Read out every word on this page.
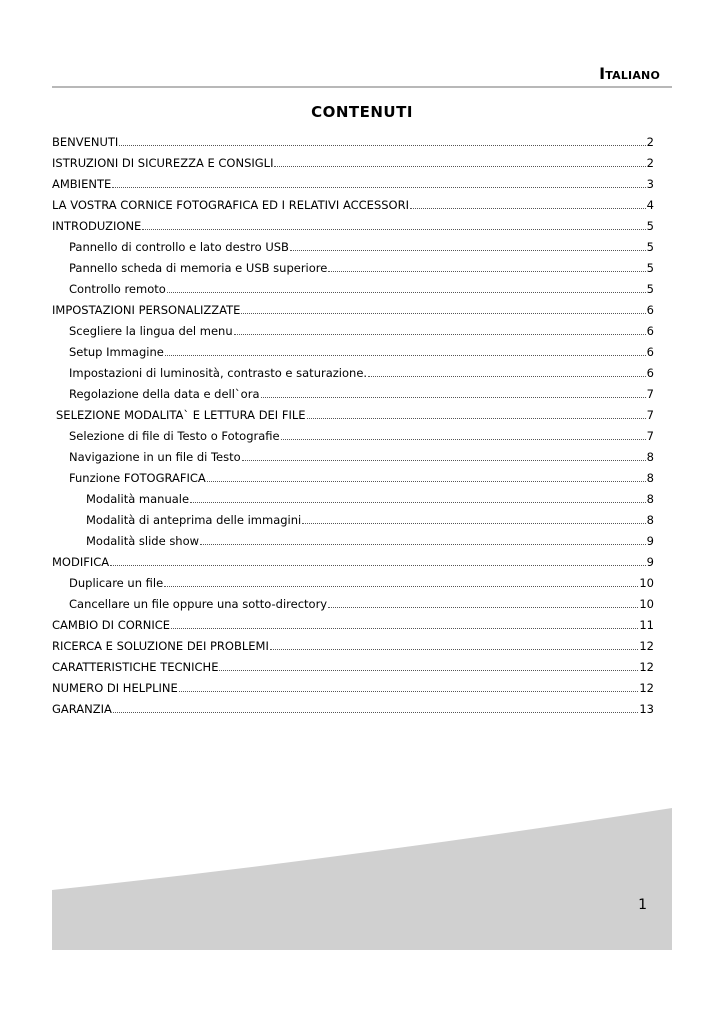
Italiano
CONTENUTI
BENVENUTI	2
ISTRUZIONI DI SICUREZZA E CONSIGLI	2
AMBIENTE	3
LA VOSTRA CORNICE FOTOGRAFICA ED I RELATIVI ACCESSORI	4
INTRODUZIONE	5
Pannello di controllo e lato destro USB	5
Pannello scheda di memoria e USB superiore	5
Controllo remoto	5
IMPOSTAZIONI PERSONALIZZATE	6
Scegliere la lingua del menu	6
Setup Immagine	6
Impostazioni di luminosità, contrasto e saturazione.	6
Regolazione della data e dell`ora	7
SELEZIONE MODALITA` E LETTURA DEI FILE	7
Selezione di file di Testo o Fotografie	7
Navigazione in un file di Testo	8
Funzione FOTOGRAFICA	8
Modalità manuale	8
Modalità di anteprima delle immagini	8
Modalità slide show	9
MODIFICA	9
Duplicare un file	10
Cancellare un file oppure una sotto-directory	10
CAMBIO DI CORNICE	11
RICERCA E SOLUZIONE DEI PROBLEMI	12
CARATTERISTICHE TECNICHE	12
NUMERO DI HELPLINE	12
GARANZIA	13
1
